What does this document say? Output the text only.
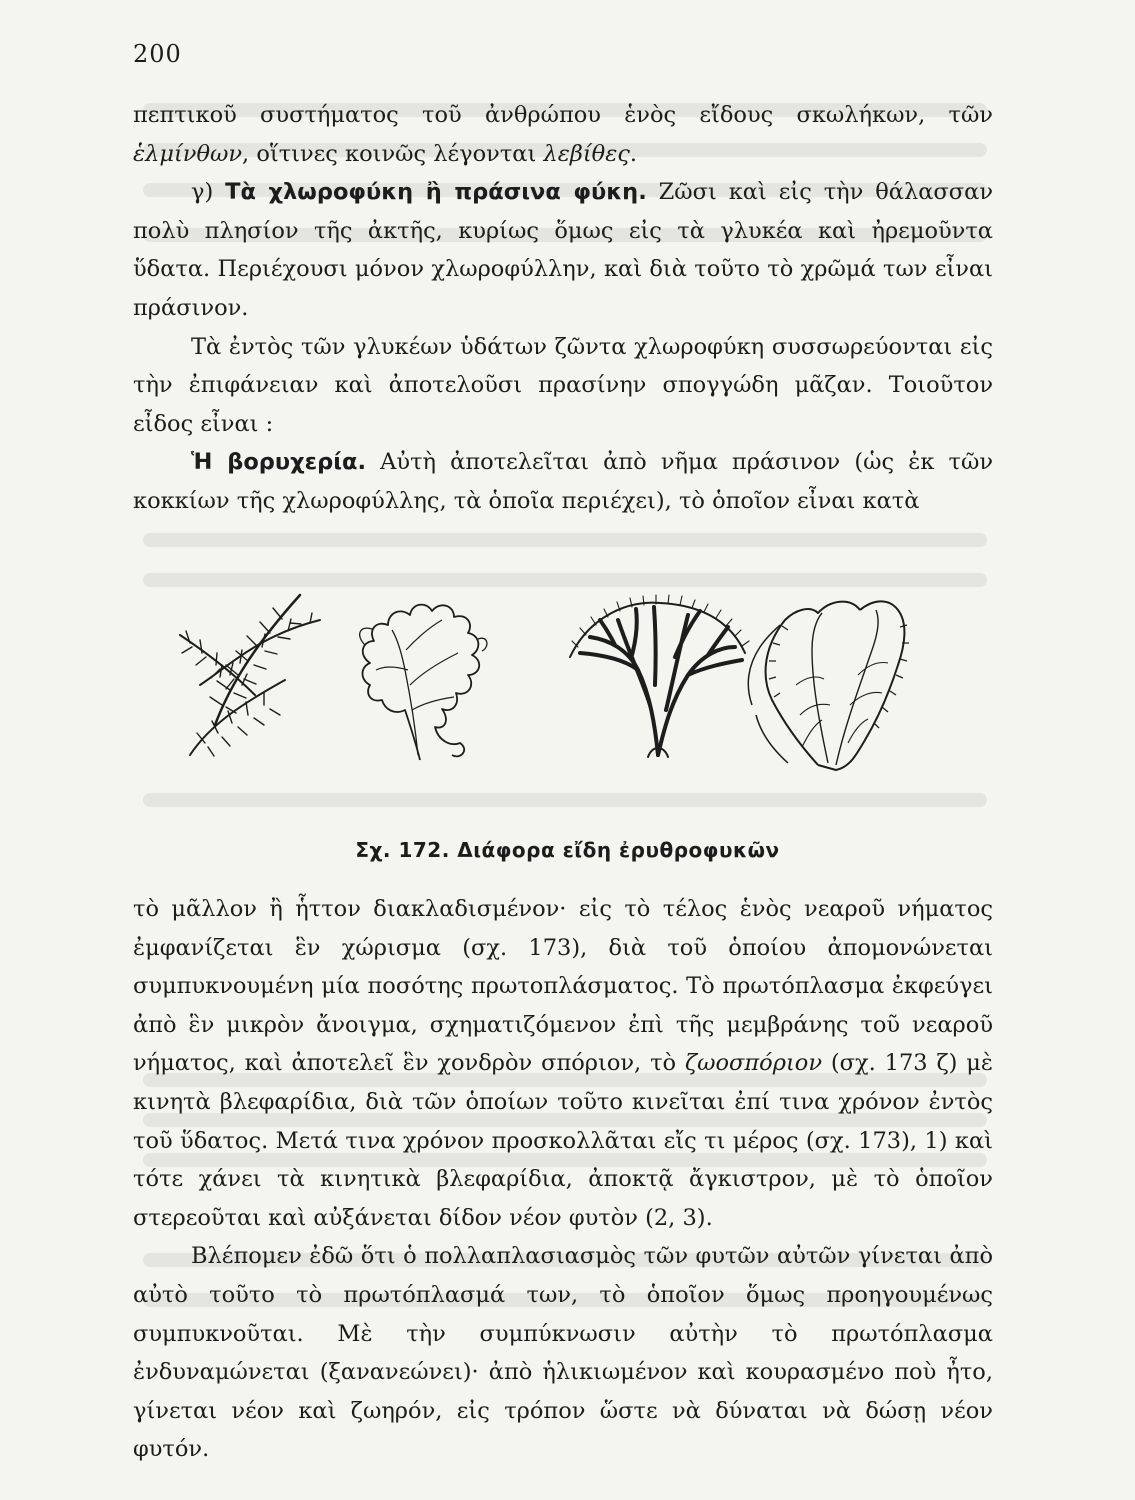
200

πεπτικοῦ συστήματος τοῦ ἀνθρώπου ἑνὸς εἴδους σκωλήκων, τῶν ἑλμίνθων, οἵτινες κοινῶς λέγονται λεβίθες.

γ) Τὰ χλωροφύκη ἢ πράσινα φύκη. Ζῶσι καὶ εἰς τὴν θάλασσαν πολὺ πλησίον τῆς ἀκτῆς, κυρίως ὅμως εἰς τὰ γλυκέα καὶ ἠρεμοῦντα ὕδατα. Περιέχουσι μόνον χλωροφύλλην, καὶ διὰ τοῦτο τὸ χρῶμά των εἶναι πράσινον.

Τὰ ἐντὸς τῶν γλυκέων ὑδάτων ζῶντα χλωροφύκη συσσωρεύονται εἰς τὴν ἐπιφάνειαν καὶ ἀποτελοῦσι πρασίνην σπογγώδη μᾶζαν. Τοιοῦτον εἶδος εἶναι :

Ἡ βορυχερία. Αὐτὴ ἀποτελεῖται ἀπὸ νῆμα πράσινον (ὡς ἐκ τῶν κοκκίων τῆς χλωροφύλλης, τὰ ὁποῖα περιέχει), τὸ ὁποῖον εἶναι κατὰ

Σχ. 172. Διάφορα εἴδη ἐρυθροφυκῶν

τὸ μᾶλλον ἢ ἧττον διακλαδισμένον· εἰς τὸ τέλος ἑνὸς νεαροῦ νήματος ἐμφανίζεται ἓν χώρισμα (σχ. 173), διὰ τοῦ ὁποίου ἀπομονώνεται συμπυκνουμένη μία ποσότης πρωτοπλάσματος. Τὸ πρωτόπλασμα ἐκφεύγει ἀπὸ ἓν μικρὸν ἄνοιγμα, σχηματιζόμενον ἐπὶ τῆς μεμβράνης τοῦ νεαροῦ νήματος, καὶ ἀποτελεῖ ἓν χονδρὸν σπόριον, τὸ ζωοσπόριον (σχ. 173 ζ) μὲ κινητὰ βλεφαρίδια, διὰ τῶν ὁποίων τοῦτο κινεῖται ἐπί τινα χρόνον ἐντὸς τοῦ ὕδατος. Μετά τινα χρόνον προσκολλᾶται εἴς τι μέρος (σχ. 173), 1) καὶ τότε χάνει τὰ κινητικὰ βλεφαρίδια, ἀποκτᾷ ἄγκιστρον, μὲ τὸ ὁποῖον στερεοῦται καὶ αὐξάνεται δίδον νέον φυτὸν (2, 3).

Βλέπομεν ἐδῶ ὅτι ὁ πολλαπλασιασμὸς τῶν φυτῶν αὐτῶν γίνεται ἀπὸ αὐτὸ τοῦτο τὸ πρωτόπλασμά των, τὸ ὁποῖον ὅμως προηγουμένως συμπυκνοῦται. Μὲ τὴν συμπύκνωσιν αὐτὴν τὸ πρωτόπλασμα ἐνδυναμώνεται (ξανανεώνει)· ἀπὸ ἡλικιωμένον καὶ κουρασμένο ποὺ ἦτο, γίνεται νέον καὶ ζωηρόν, εἰς τρόπον ὥστε νὰ δύναται νὰ δώσῃ νέον φυτόν.
